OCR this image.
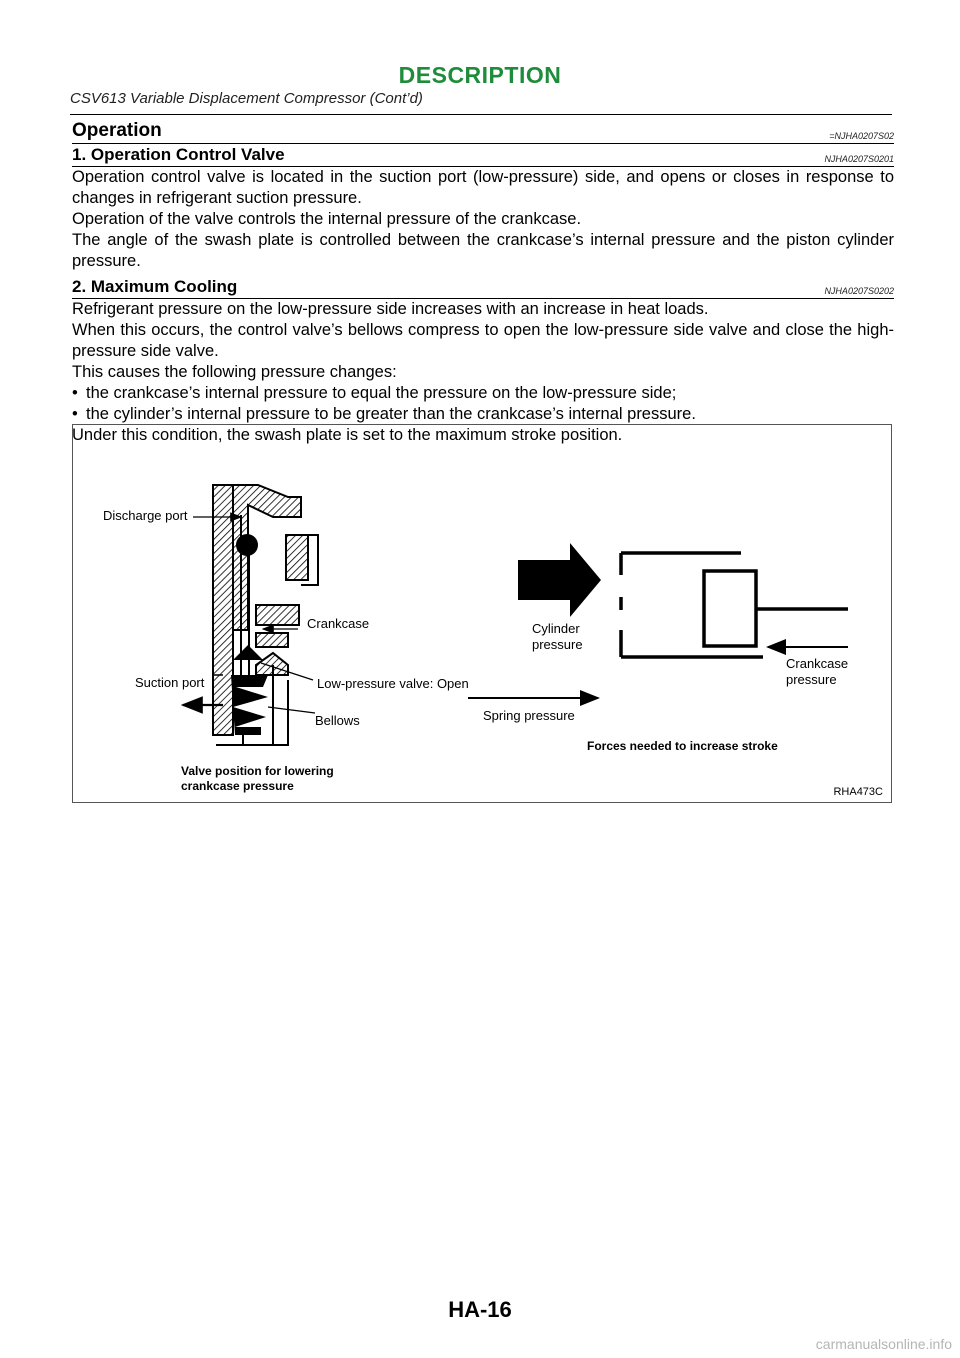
DESCRIPTION
CSV613 Variable Displacement Compressor (Cont’d)
Operation	=NJHA0207S02
1. Operation Control Valve	NJHA0207S0201

Operation control valve is located in the suction port (low-pressure) side, and opens or closes in response to changes in refrigerant suction pressure.

Operation of the valve controls the internal pressure of the crankcase.

The angle of the swash plate is controlled between the crankcase’s internal pressure and the piston cylinder pressure.

2. Maximum Cooling	NJHA0207S0202

Refrigerant pressure on the low-pressure side increases with an increase in heat loads.

When this occurs, the control valve’s bellows compress to open the low-pressure side valve and close the high-pressure side valve.

This causes the following pressure changes:

• the crankcase’s internal pressure to equal the pressure on the low-pressure side;
• the cylinder’s internal pressure to be greater than the crankcase’s internal pressure.

Under this condition, the swash plate is set to the maximum stroke position.

Discharge port
Crankcase
Suction port	Low-pressure valve: Open
Bellows
Valve position for lowering
crankcase pressure
Cylinder
pressure
Crankcase
pressure
Spring pressure
Forces needed to increase stroke
RHA473C
HA-16
carmanualsonline.info
